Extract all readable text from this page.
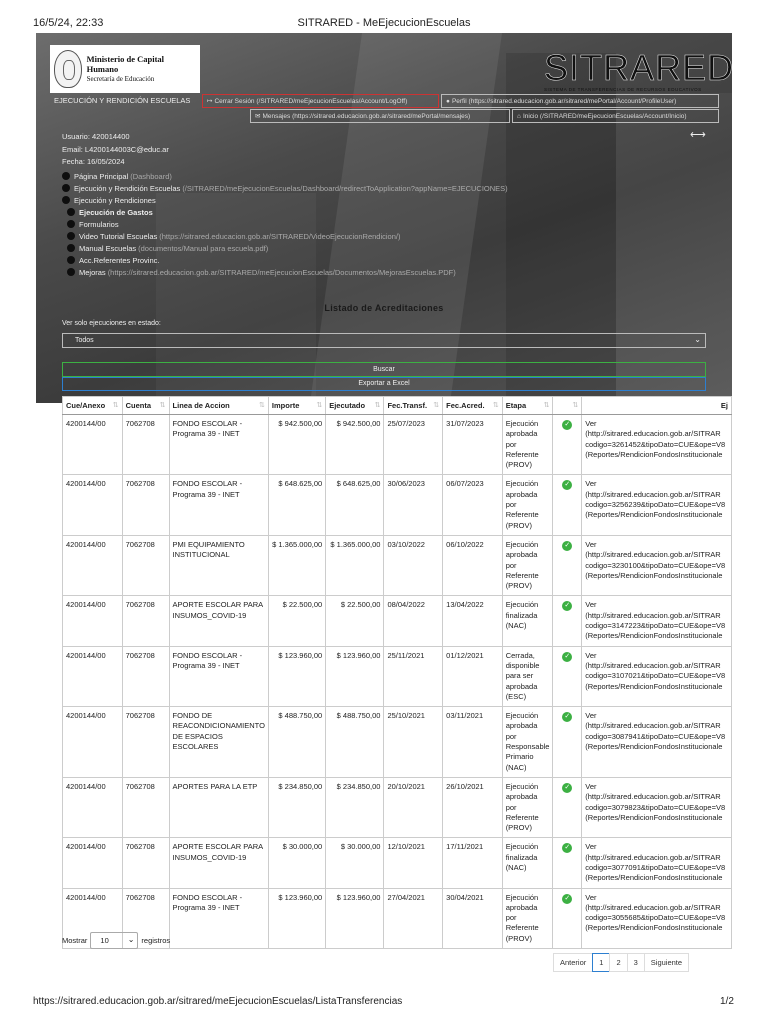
16/5/24, 22:33	SITRARED - MeEjecucionEscuelas
Ministerio de Capital Humano
Secretaría de Educación	SITRARED
SISTEMA DE TRANSFERENCIAS DE RECURSOS EDUCATIVOS
EJECUCIÓN Y RENDICIÓN ESCUELAS	↦ Cerrar Sesión (/SITRARED/meEjecucionEscuelas/Account/LogOff)	● Perfil (https://sitrared.educacion.gob.ar/sitrared/mePortal/Account/ProfileUser)
✉ Mensajes (https://sitrared.educacion.gob.ar/sitrared/mePortal/mensajes)	⌂ Inicio (/SITRARED/meEjecucionEscuelas/Account/Inicio)
⟷
Usuario: 420014400
Email: L4200144003C@educ.ar
Fecha: 16/05/2024
Página Principal (Dashboard)
Ejecución y Rendición Escuelas (/SITRARED/meEjecucionEscuelas/Dashboard/redirectToApplication?appName=EJECUCIONES)
Ejecución y Rendiciones
Ejecución de Gastos
Formularios
Video Tutorial Escuelas (https://sitrared.educacion.gob.ar/SITRARED/VideoEjecucionRendicion/)
Manual Escuelas (documentos/Manual para escuela.pdf)
Acc.Referentes Provinc.
Mejoras (https://sitrared.educacion.gob.ar/SITRARED/meEjecucionEscuelas/Documentos/MejorasEscuelas.PDF)
Listado de Acreditaciones
Ver solo ejecuciones en estado:
Todos	⌄
Buscar
Exportar a Excel
Cue/Anexo ⇅	Cuenta ⇅	Linea de Accion ⇅	Importe ⇅	Ejecutado ⇅	Fec.Transf. ⇅	Fec.Acred. ⇅	Etapa ⇅	⇅	Ej
4200144/00	7062708	FONDO ESCOLAR - Programa 39 - INET	$ 942.500,00	$ 942.500,00	25/07/2023	31/07/2023	Ejecución aprobada por Referente (PROV)	✓	Ver
(http://sitrared.educacion.gob.ar/SITRAR
codigo=3261452&tipoDato=CUE&ope=V8
(Reportes/RendicionFondosInstitucionale

4200144/00	7062708	FONDO ESCOLAR - Programa 39 - INET	$ 648.625,00	$ 648.625,00	30/06/2023	06/07/2023	Ejecución aprobada por Referente (PROV)	✓	Ver
(http://sitrared.educacion.gob.ar/SITRAR
codigo=3256239&tipoDato=CUE&ope=V8
(Reportes/RendicionFondosInstitucionale

4200144/00	7062708	PMI EQUIPAMIENTO INSTITUCIONAL	$ 1.365.000,00	$ 1.365.000,00	03/10/2022	06/10/2022	Ejecución aprobada por Referente (PROV)	✓	Ver
(http://sitrared.educacion.gob.ar/SITRAR
codigo=3230100&tipoDato=CUE&ope=V8
(Reportes/RendicionFondosInstitucionale

4200144/00	7062708	APORTE ESCOLAR PARA INSUMOS_COVID-19	$ 22.500,00	$ 22.500,00	08/04/2022	13/04/2022	Ejecución finalizada (NAC)	✓	Ver
(http://sitrared.educacion.gob.ar/SITRAR
codigo=3147223&tipoDato=CUE&ope=V8
(Reportes/RendicionFondosInstitucionale

4200144/00	7062708	FONDO ESCOLAR - Programa 39 - INET	$ 123.960,00	$ 123.960,00	25/11/2021	01/12/2021	Cerrada, disponible para ser aprobada (ESC)	✓	Ver
(http://sitrared.educacion.gob.ar/SITRAR
codigo=3107021&tipoDato=CUE&ope=V8
(Reportes/RendicionFondosInstitucionale

4200144/00	7062708	FONDO DE REACONDICIONAMIENTO DE ESPACIOS ESCOLARES	$ 488.750,00	$ 488.750,00	25/10/2021	03/11/2021	Ejecución aprobada por Responsable Primario (NAC)	✓	Ver
(http://sitrared.educacion.gob.ar/SITRAR
codigo=3087941&tipoDato=CUE&ope=V8
(Reportes/RendicionFondosInstitucionale

4200144/00	7062708	APORTES PARA LA ETP	$ 234.850,00	$ 234.850,00	20/10/2021	26/10/2021	Ejecución aprobada por Referente (PROV)	✓	Ver
(http://sitrared.educacion.gob.ar/SITRAR
codigo=3079823&tipoDato=CUE&ope=V8
(Reportes/RendicionFondosInstitucionale

4200144/00	7062708	APORTE ESCOLAR PARA INSUMOS_COVID-19	$ 30.000,00	$ 30.000,00	12/10/2021	17/11/2021	Ejecución finalizada (NAC)	✓	Ver
(http://sitrared.educacion.gob.ar/SITRAR
codigo=3077091&tipoDato=CUE&ope=V8
(Reportes/RendicionFondosInstitucionale

4200144/00	7062708	FONDO ESCOLAR - Programa 39 - INET	$ 123.960,00	$ 123.960,00	27/04/2021	30/04/2021	Ejecución aprobada por Referente (PROV)	✓	Ver
(http://sitrared.educacion.gob.ar/SITRAR
codigo=3055685&tipoDato=CUE&ope=V8
(Reportes/RendicionFondosInstitucionale
Mostrar	10 ⌄ registros
Anterior	1	2	3	Siguiente
https://sitrared.educacion.gob.ar/sitrared/meEjecucionEscuelas/ListaTransferencias	1/2
